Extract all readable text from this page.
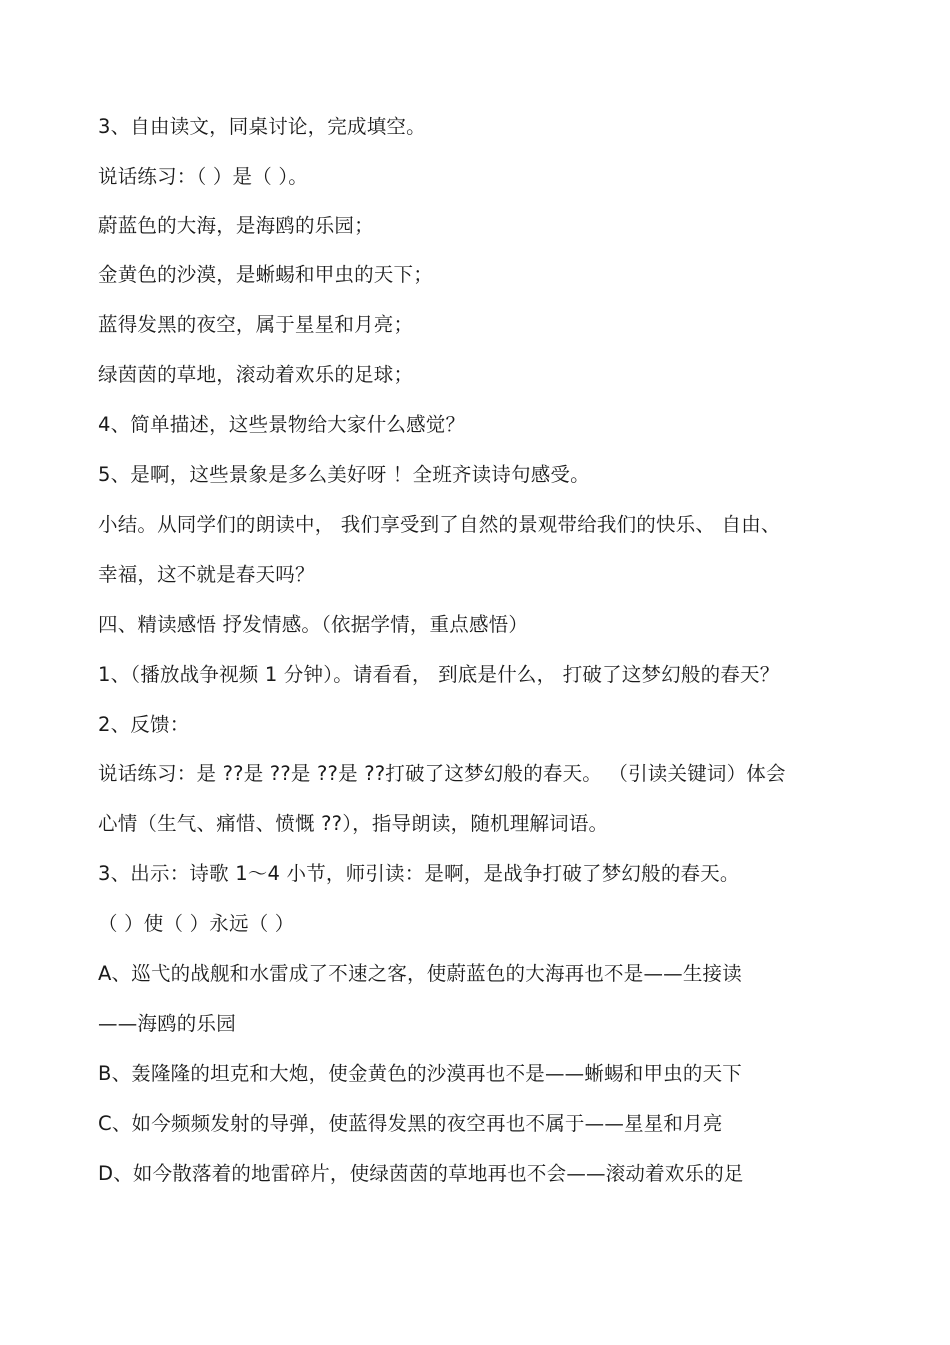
3、自由读文，同桌讨论，完成填空。
说话练习：（ ）是（ ）。
蔚蓝色的大海，是海鸥的乐园；
金黄色的沙漠，是蜥蜴和甲虫的天下；
蓝得发黑的夜空，属于星星和月亮；
绿茵茵的草地，滚动着欢乐的足球；
4、简单描述，这些景物给大家什么感觉？
5、是啊，这些景象是多么美好呀 ！全班齐读诗句感受。
小结。从同学们的朗读中， 我们享受到了自然的景观带给我们的快乐、 自由、
幸福，这不就是春天吗？
四、精读感悟 抒发情感。（依据学情，重点感悟）
1、（播放战争视频 1 分钟）。请看看， 到底是什么， 打破了这梦幻般的春天？
2、反馈：
说话练习：是 ??是 ??是 ??是 ??打破了这梦幻般的春天。 （引读关键词）体会
心情（生气、痛惜、愤慨 ??），指导朗读，随机理解词语。
3、出示：诗歌 1～4 小节，师引读：是啊，是战争打破了梦幻般的春天。
（ ）使（ ）永远（ ）
A、巡弋的战舰和水雷成了不速之客，使蔚蓝色的大海再也不是——生接读
——海鸥的乐园
B、轰隆隆的坦克和大炮，使金黄色的沙漠再也不是——蜥蜴和甲虫的天下
C、如今频频发射的导弹，使蓝得发黑的夜空再也不属于——星星和月亮
D、如今散落着的地雷碎片，使绿茵茵的草地再也不会——滚动着欢乐的足
